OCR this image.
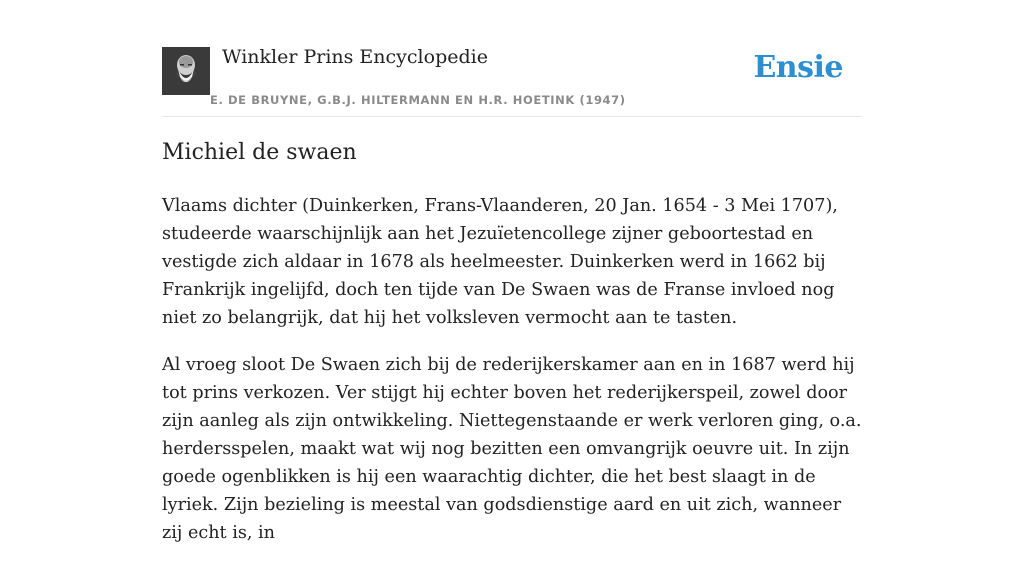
Winkler Prins Encyclopedie
E. DE BRUYNE, G.B.J. HILTERMANN EN H.R. HOETINK (1947)
Ensie
Michiel de swaen

Vlaams dichter (Duinkerken, Frans-Vlaanderen, 20 Jan. 1654 - 3 Mei 1707), studeerde waarschijnlijk aan het Jezuïetencollege zijner geboortestad en vestigde zich aldaar in 1678 als heelmeester. Duinkerken werd in 1662 bij Frankrijk ingelijfd, doch ten tijde van De Swaen was de Franse invloed nog niet zo belangrijk, dat hij het volksleven vermocht aan te tasten.

Al vroeg sloot De Swaen zich bij de rederijkerskamer aan en in 1687 werd hij tot prins verkozen. Ver stijgt hij echter boven het rederijkerspeil, zowel door zijn aanleg als zijn ontwikkeling. Niettegenstaande er werk verloren ging, o.a. herdersspelen, maakt wat wij nog bezitten een omvangrijk oeuvre uit. In zijn goede ogenblikken is hij een waarachtig dichter, die het best slaagt in de lyriek. Zijn bezieling is meestal van godsdienstige aard en uit zich, wanneer zij echt is, in
